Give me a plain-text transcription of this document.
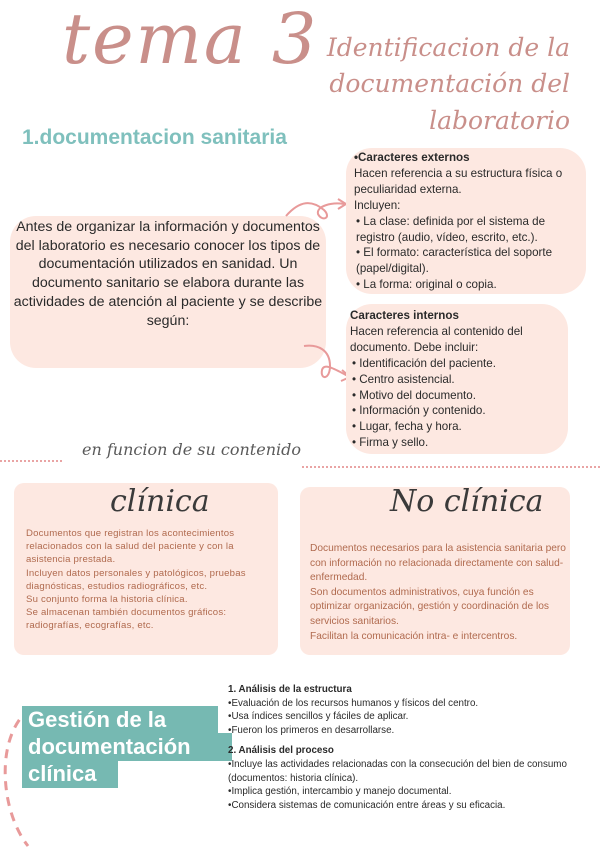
tema 3 Identificacion de la
documentación del laboratorio
1.documentacion sanitaria
Antes de organizar la información y documentos del laboratorio es necesario conocer los tipos de documentación utilizados en sanidad. Un documento sanitario se elabora durante las actividades de atención al paciente y se describe según:
•Caracteres externos
Hacen referencia a su estructura física o peculiaridad externa.
Incluyen:
• La clase: definida por el sistema de registro (audio, vídeo, escrito, etc.).
• El formato: característica del soporte (papel/digital).
• La forma: original o copia.
Caracteres internos
Hacen referencia al contenido del documento. Debe incluir:
• Identificación del paciente.
• Centro asistencial.
• Motivo del documento.
• Información y contenido.
• Lugar, fecha y hora.
• Firma y sello.
en funcion de su contenido
clínica
Documentos que registran los acontecimientos relacionados con la salud del paciente y con la asistencia prestada.
Incluyen datos personales y patológicos, pruebas diagnósticas, estudios radiográficos, etc.
Su conjunto forma la historia clínica.
Se almacenan también documentos gráficos: radiografías, ecografías, etc.
No clínica
Documentos necesarios para la asistencia sanitaria pero con información no relacionada directamente con salud-enfermedad.
Son documentos administrativos, cuya función es optimizar organización, gestión y coordinación de los servicios sanitarios.
Facilitan la comunicación intra- e intercentros.
Gestión de la
documentación
clínica
1. Análisis de la estructura
• Evaluación de los recursos humanos y físicos del centro.
• Usa índices sencillos y fáciles de aplicar.
• Fueron los primeros en desarrollarse.
2. Análisis del proceso
• Incluye las actividades relacionadas con la consecución del bien de consumo (documentos: historia clínica).
• Implica gestión, intercambio y manejo documental.
• Considera sistemas de comunicación entre áreas y su eficacia.
